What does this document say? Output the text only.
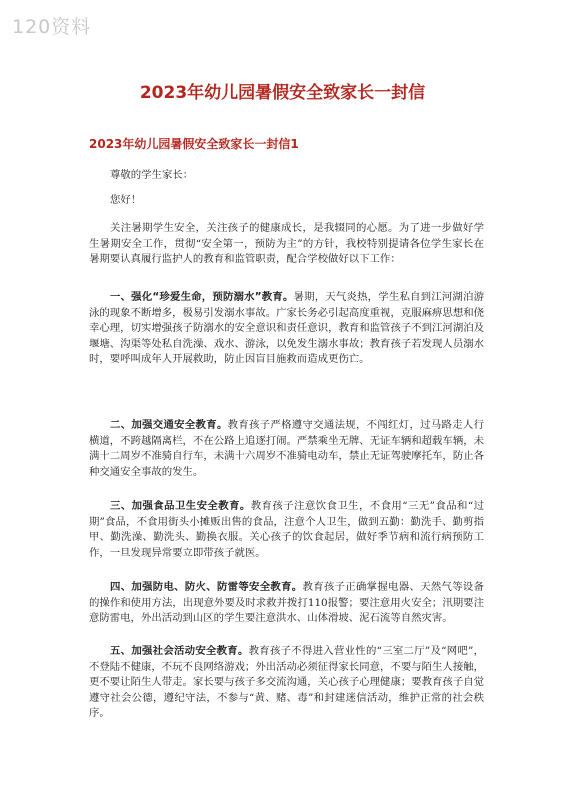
120资料
2023年幼儿园暑假安全致家长一封信
2023年幼儿园暑假安全致家长一封信1

尊敬的学生家长：

您好！

关注暑期学生安全，关注孩子的健康成长，是我辍同的心愿。为了进一步做好学生暑期安全工作，贯彻“安全第一，预防为主”的方针，我校特别提请各位学生家长在暑期要认真履行监护人的教育和监管职责，配合学校做好以下工作：

一、强化“珍爱生命，预防溺水”教育。暑期，天气炎热，学生私自到江河湖泊游泳的现象不断增多，极易引发溺水事故。广家长务必引起高度重视，克服麻痹思想和侥幸心理，切实增强孩子防溺水的安全意识和责任意识，教育和监管孩子不到江河湖泊及堰塘、沟渠等处私自洗澡、戏水、游泳，以免发生溺水事故；教育孩子若发现人员溺水时，要呼叫成年人开展救助，防止因盲目施救而造成更伤亡。

二、加强交通安全教育。教育孩子严格遵守交通法规，不闯红灯，过马路走人行横道，不跨越隔离栏，不在公路上追逐打闹。严禁乘坐无牌、无证车辆和超载车辆，未满十二周岁不准骑自行车，未满十六周岁不准骑电动车，禁止无证驾驶摩托车，防止各种交通安全事故的发生。

三、加强食品卫生安全教育。教育孩子注意饮食卫生，不食用“三无”食品和“过期”食品，不食用街头小摊贩出售的食品，注意个人卫生，做到五勤：勤洗手、勤剪指甲、勤洗澡、勤洗头、勤换衣服。关心孩子的饮食起居，做好季节病和流行病预防工作，一旦发现异常要立即带孩子就医。

四、加强防电、防火、防雷等安全教育。教育孩子正确掌握电器、天然气等设备的操作和使用方法，出现意外要及时求救并拨打110报警；要注意用火安全；汛期要注意防雷电，外出活动到山区的学生要注意洪水、山体滑坡、泥石流等自然灾害。

五、加强社会活动安全教育。教育孩子不得进入营业性的“三室二厅”及“网吧”，不登陆不健康，不玩不良网络游戏；外出活动必须征得家长同意，不要与陌生人接触，更不要让陌生人带走。家长要与孩子多交流沟通，关心孩子心理健康；要教育孩子自觉遵守社会公德，遵纪守法，不参与“黄、赌、毒”和封建迷信活动，维护正常的社会秩序。
